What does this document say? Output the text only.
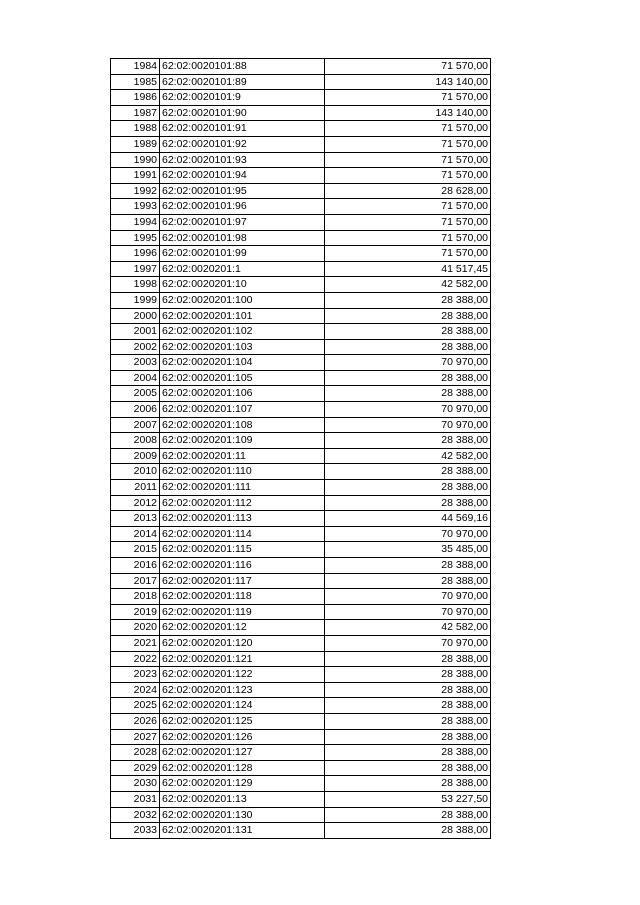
1984	62:02:0020101:88	71 570,00
1985	62:02:0020101:89	143 140,00
1986	62:02:0020101:9	71 570,00
1987	62:02:0020101:90	143 140,00
1988	62:02:0020101:91	71 570,00
1989	62:02:0020101:92	71 570,00
1990	62:02:0020101:93	71 570,00
1991	62:02:0020101:94	71 570,00
1992	62:02:0020101:95	28 628,00
1993	62:02:0020101:96	71 570,00
1994	62:02:0020101:97	71 570,00
1995	62:02:0020101:98	71 570,00
1996	62:02:0020101:99	71 570,00
1997	62:02:0020201:1	41 517,45
1998	62:02:0020201:10	42 582,00
1999	62:02:0020201:100	28 388,00
2000	62:02:0020201:101	28 388,00
2001	62:02:0020201:102	28 388,00
2002	62:02:0020201:103	28 388,00
2003	62:02:0020201:104	70 970,00
2004	62:02:0020201:105	28 388,00
2005	62:02:0020201:106	28 388,00
2006	62:02:0020201:107	70 970,00
2007	62:02:0020201:108	70 970,00
2008	62:02:0020201:109	28 388,00
2009	62:02:0020201:11	42 582,00
2010	62:02:0020201:110	28 388,00
2011	62:02:0020201:111	28 388,00
2012	62:02:0020201:112	28 388,00
2013	62:02:0020201:113	44 569,16
2014	62:02:0020201:114	70 970,00
2015	62:02:0020201:115	35 485,00
2016	62:02:0020201:116	28 388,00
2017	62:02:0020201:117	28 388,00
2018	62:02:0020201:118	70 970,00
2019	62:02:0020201:119	70 970,00
2020	62:02:0020201:12	42 582,00
2021	62:02:0020201:120	70 970,00
2022	62:02:0020201:121	28 388,00
2023	62:02:0020201:122	28 388,00
2024	62:02:0020201:123	28 388,00
2025	62:02:0020201:124	28 388,00
2026	62:02:0020201:125	28 388,00
2027	62:02:0020201:126	28 388,00
2028	62:02:0020201:127	28 388,00
2029	62:02:0020201:128	28 388,00
2030	62:02:0020201:129	28 388,00
2031	62:02:0020201:13	53 227,50
2032	62:02:0020201:130	28 388,00
2033	62:02:0020201:131	28 388,00
